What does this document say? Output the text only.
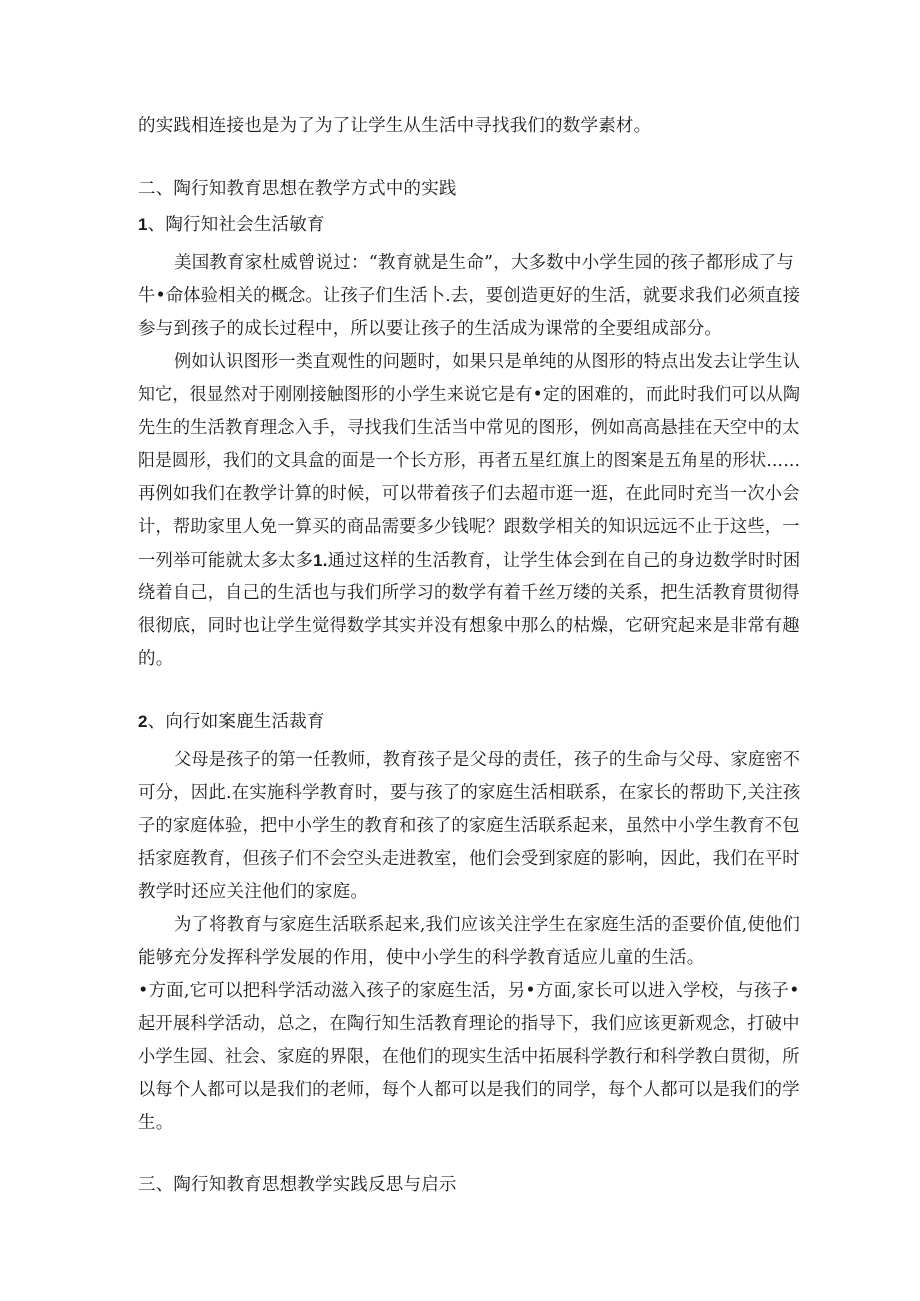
的实践相连接也是为了为了让学生从生活中寻找我们的数学素材。
二、陶行知教育思想在教学方式中的实践
1、陶行知社会生活敏育
美国教育家杜威曾说过：“教育就是生命”，大多数中小学生园的孩子都形成了与
牛•命体验相关的概念。让孩子们生活卜.去，要创造更好的生活，就要求我们必须直接
参与到孩子的成长过程中，所以要让孩子的生活成为课常的全要组成部分。
例如认识图形一类直观性的问题时，如果只是单纯的从图形的特点出发去让学生认
知它，很显然对于刚刚接触图形的小学生来说它是有•定的困难的，而此时我们可以从陶
先生的生活教育理念入手，寻找我们生活当中常见的图形，例如高高悬挂在天空中的太
阳是圆形，我们的文具盒的面是一个长方形，再者五星红旗上的图案是五角星的形状……
再例如我们在教学计算的时候，可以带着孩子们去超市逛一逛，在此同时充当一次小会
计，帮助家里人免一算买的商品需要多少钱呢？跟数学相关的知识远远不止于这些，一
一列举可能就太多太多1.通过这样的生活教育，让学生体会到在自己的身边数学时时困
绕着自己，自己的生活也与我们所学习的数学有着千丝万缕的关系，把生活教育贯彻得
很彻底，同时也让学生觉得数学其实并没有想象中那么的枯燥，它研究起来是非常有趣
的。
2、向行如案鹿生活裁育
父母是孩子的第一任教师，教育孩子是父母的责任，孩子的生命与父母、家庭密不
可分，因此.在实施科学教育时，要与孩了的家庭生活相联系，在家长的帮助下,关注孩
子的家庭体验，把中小学生的教育和孩了的家庭生活联系起来，虽然中小学生教育不包
括家庭教育，但孩子们不会空头走进教室，他们会受到家庭的影响，因此，我们在平时
教学时还应关注他们的家庭。
为了将教育与家庭生活联系起来,我们应该关注学生在家庭生活的歪要价值,使他们
能够充分发挥科学发展的作用，使中小学生的科学教育适应儿童的生活。
•方面,它可以把科学活动滋入孩子的家庭生活，另•方面,家长可以进入学校，与孩子•
起开展科学活动，总之，在陶行知生活教育理论的指导下，我们应该更新观念，打破中
小学生园、社会、家庭的界限，在他们的现实生活中拓展科学教行和科学教白贯彻，所
以每个人都可以是我们的老师，每个人都可以是我们的同学，每个人都可以是我们的学
生。
三、陶行知教育思想教学实践反思与启示
